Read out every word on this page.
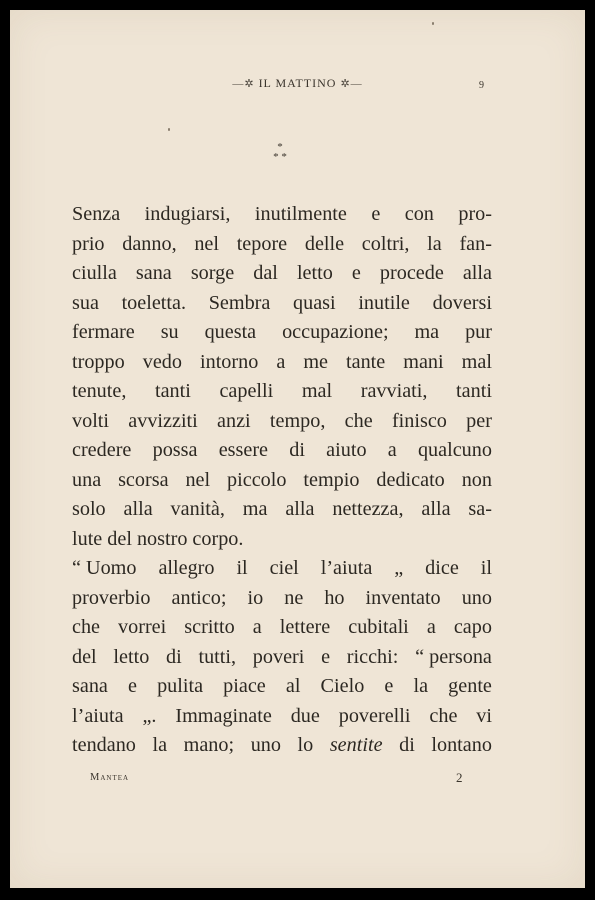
—✲ IL MATTINO ✲—	9
*
* *
Senza indugiarsi, inutilmente e con pro-
prio danno, nel tepore delle coltri, la fan-
ciulla sana sorge dal letto e procede alla
sua toeletta. Sembra quasi inutile doversi
fermare su questa occupazione; ma pur
troppo vedo intorno a me tante mani mal
tenute, tanti capelli mal ravviati, tanti
volti avvizziti anzi tempo, che finisco per
credere possa essere di aiuto a qualcuno
una scorsa nel piccolo tempio dedicato non
solo alla vanità, ma alla nettezza, alla sa-
lute del nostro corpo.
“ Uomo allegro il ciel l’aiuta „ dice il
proverbio antico; io ne ho inventato uno
che vorrei scritto a lettere cubitali a capo
del letto di tutti, poveri e ricchi: “ persona
sana e pulita piace al Cielo e la gente
l’aiuta „. Immaginate due poverelli che vi
tendano la mano; uno lo sentite di lontano
Mantea	2
